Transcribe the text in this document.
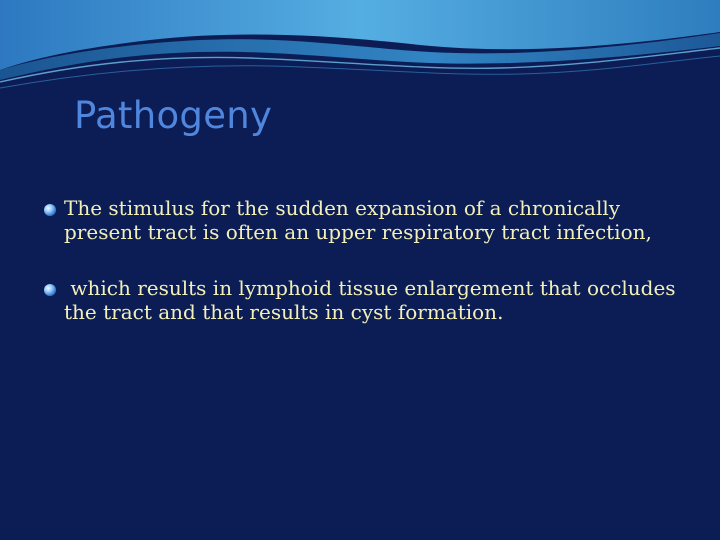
Pathogeny
The stimulus for the sudden expansion of a chronically present tract is often an upper respiratory tract infection,
which results in lymphoid tissue enlargement that occludes the tract and that results in cyst formation.
